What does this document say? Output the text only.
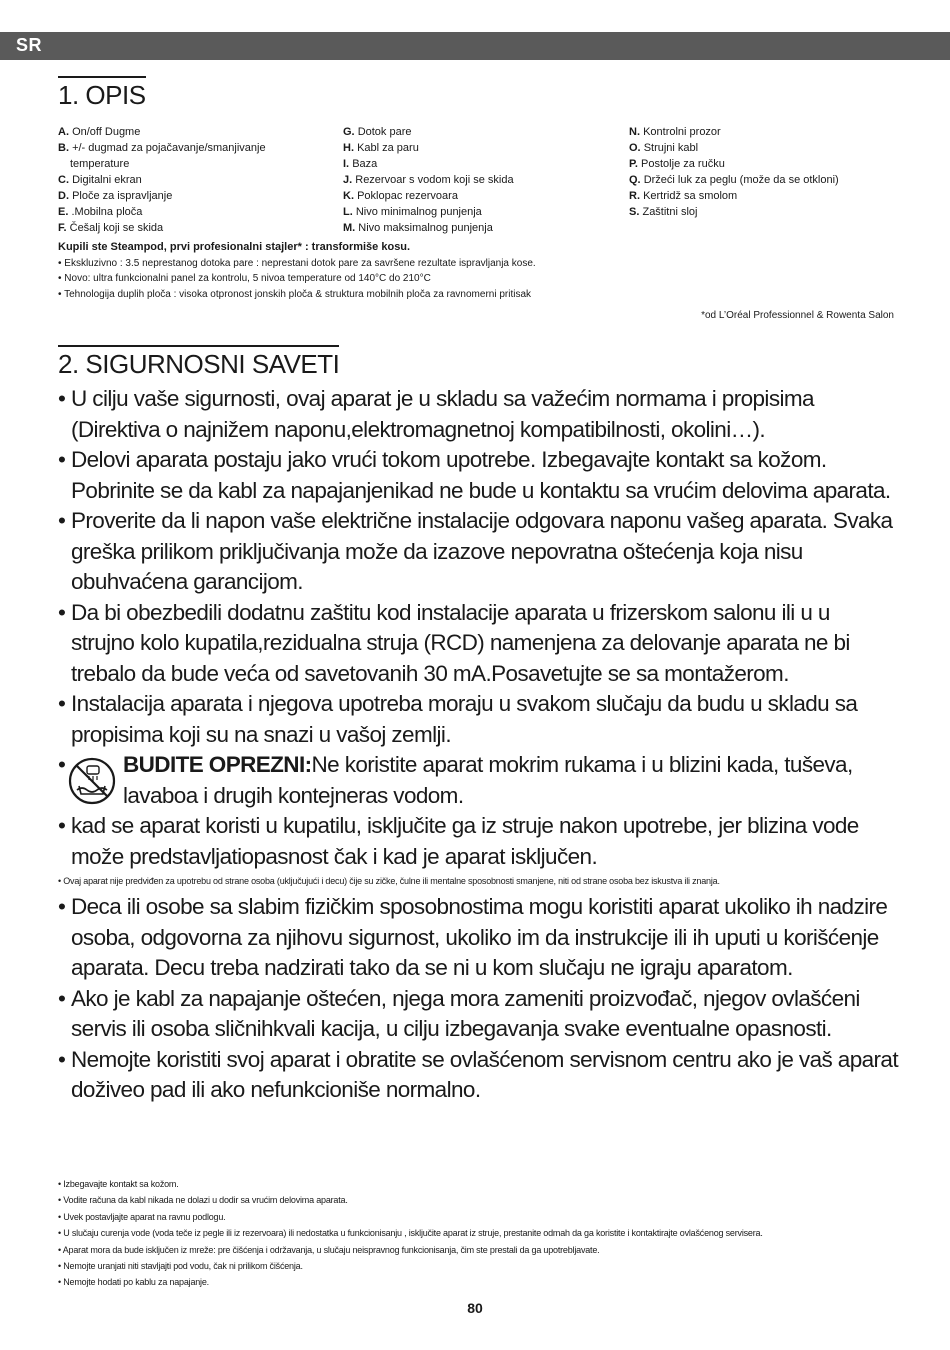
SR
1. OPIS
A. On/off Dugme
B. +/- dugmad za pojačavanje/smanjivanje
temperature
C. Digitalni ekran
D. Ploče za ispravljanje
E. .Mobilna ploča
F. Češalj koji se skida
G. Dotok pare
H. Kabl za paru
I. Baza
J. Rezervoar s vodom koji se skida
K. Poklopac rezervoara
L. Nivo minimalnog punjenja
M. Nivo maksimalnog punjenja
N. Kontrolni prozor
O. Strujni kabl
P. Postolje za ručku
Q. Držeći luk za peglu (može da se otkloni)
R. Kertridž sa smolom
S. Zaštitni sloj
Kupili ste Steampod, prvi profesionalni stajler* : transformiše kosu.
• Ekskluzivno : 3.5 neprestanog dotoka pare : neprestani dotok pare za savršene rezultate ispravljanja kose.
• Novo: ultra funkcionalni panel za kontrolu, 5 nivoa temperature od 140°C do 210°C
• Tehnologija duplih ploča : visoka otpronost jonskih ploča & struktura mobilnih ploča za ravnomerni pritisak
*od L’Oréal Professionnel & Rowenta Salon
2. SIGURNOSNI SAVETI
• U cilju vaše sigurnosti, ovaj aparat je u skladu sa važećim normama i propisima (Direktiva o najnižem naponu,elektromagnetnoj kompatibilnosti, okolini…).
• Delovi aparata postaju jako vrući tokom upotrebe. Izbegavajte kontakt sa kožom. Pobrinite se da kabl za napajanjenikad ne bude u kontaktu sa vrućim delovima aparata.
• Proverite da li napon vaše električne instalacije odgovara naponu vašeg aparata. Svaka greška prilikom priključivanja može da izazove nepovratna oštećenja koja nisu obuhvaćena garancijom.
• Da bi obezbedili dodatnu zaštitu kod instalacije aparata u frizerskom salonu ili u u strujno kolo kupatila,rezidualna struja (RCD) namenjena za delovanje aparata ne bi trebalo da bude veća od savetovanih 30 mA.Posavetujte se sa montažerom.
• Instalacija aparata i njegova upotreba moraju u svakom slučaju da budu u skladu sa propisima koji su na snazi u vašoj zemlji.
• BUDITE OPREZNI:Ne koristite aparat mokrim rukama i u blizini kada, tuševa, lavaboa i drugih kontejneras vodom.
• kad se aparat koristi u kupatilu, isključite ga iz struje nakon upotrebe, jer blizina vode može predstavljatiopasnost čak i kad je aparat isključen.
• Ovaj aparat nije predviđen za upotrebu od strane osoba (uključujući i decu) čije su zičke, čulne ili mentalne sposobnosti smanjene, niti od strane osoba bez iskustva ili znanja.
• Deca ili osobe sa slabim fizičkim sposobnostima mogu koristiti aparat ukoliko ih nadzire osoba, odgovorna za njihovu sigurnost, ukoliko im da instrukcije ili ih uputi u korišćenje aparata. Decu treba nadzirati tako da se ni u kom slučaju ne igraju aparatom.
• Ako je kabl za napajanje oštećen, njega mora zameniti proizvođač, njegov ovlašćeni servis ili osoba sličnihkvali kacija, u cilju izbegavanja svake eventualne opasnosti.
• Nemojte koristiti svoj aparat i obratite se ovlašćenom servisnom centru ako je vaš aparat doživeo pad ili ako nefunkcioniše normalno.
• Izbegavajte kontakt sa kožom.
• Vodite računa da kabl nikada ne dolazi u dodir sa vrućim delovima aparata.
• Uvek postavljajte aparat na ravnu podlogu.
• U slučaju curenja vode (voda teče iz pegle ili iz rezervoara) ili nedostatka u funkcionisanju , isključite aparat iz struje, prestanite odmah da ga koristite i kontaktirajte ovlašćenog servisera.
• Aparat mora da bude isključen iz mreže: pre čišćenja i održavanja, u slučaju neispravnog funkcionisanja, čim ste prestali da ga upotrebljavate.
• Nemojte uranjati niti stavljajti pod vodu, čak ni prilikom čišćenja.
• Nemojte hodati po kablu za napajanje.
80
